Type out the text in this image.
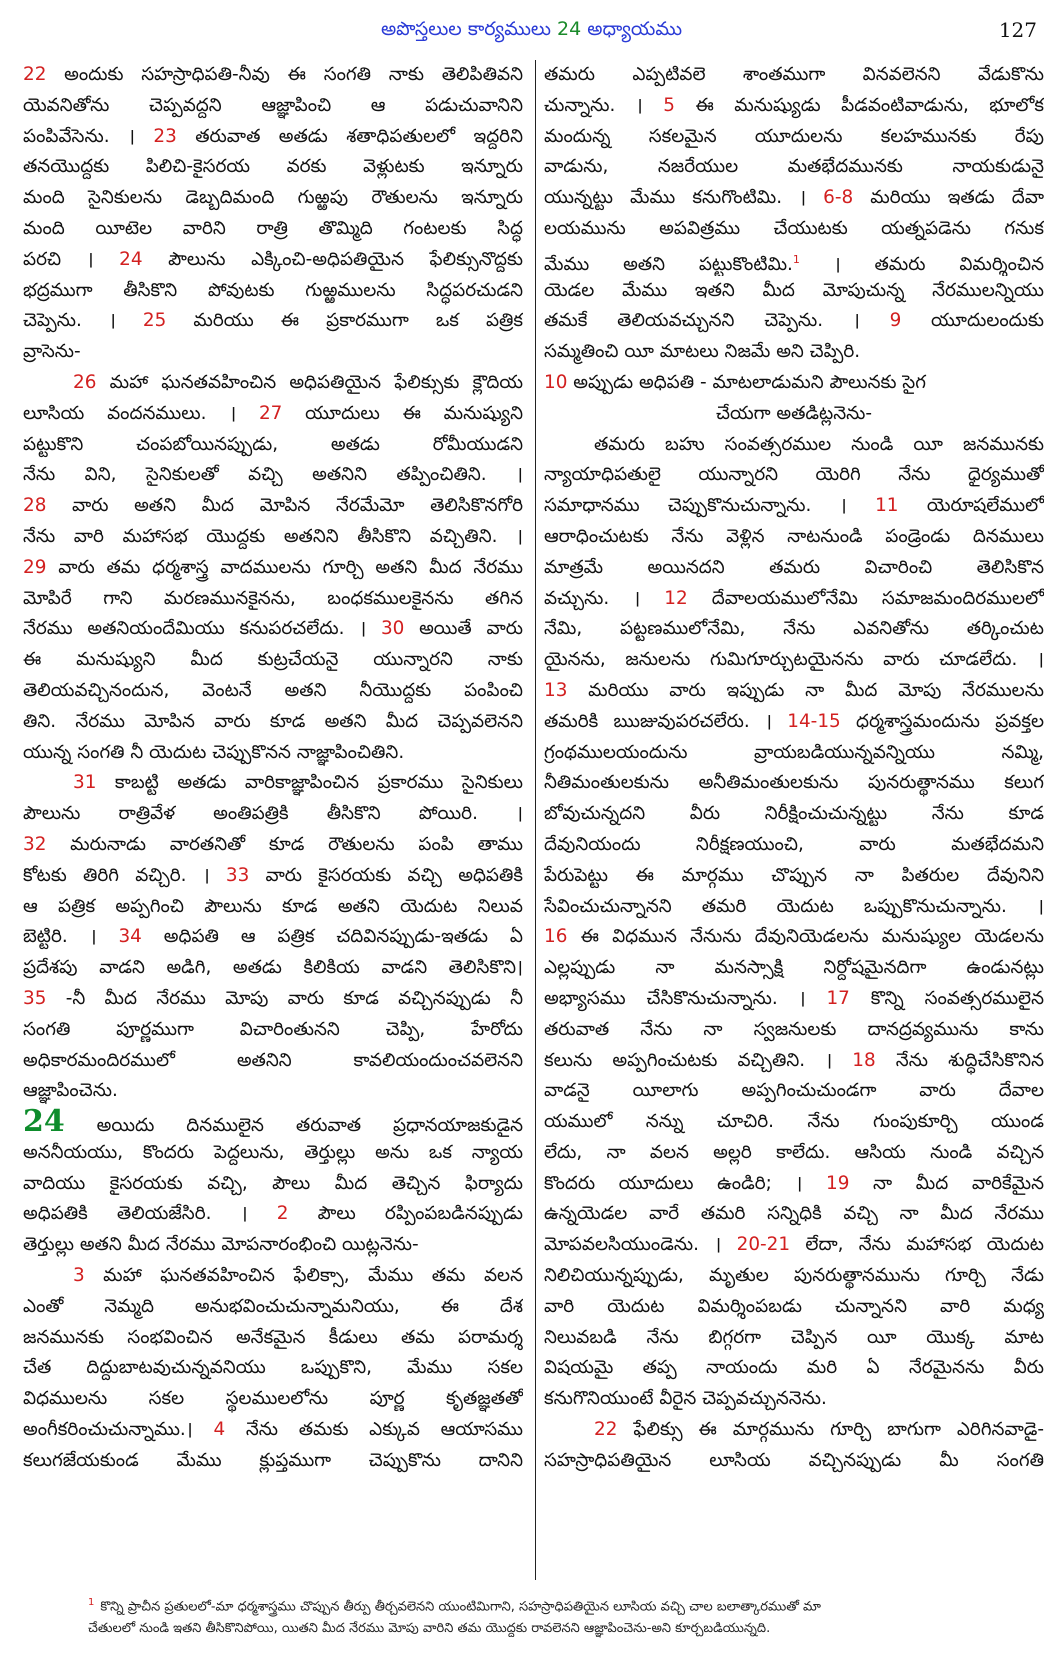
అపొస్తలుల కార్యములు 24 అధ్యాయము	127
22 అందుకు సహస్రాధిపతి-నీవు ఈ సంగతి నాకు తెలిపితివని
యెవనితోను చెప్పవద్దని ఆజ్ఞాపించి ఆ పడుచువానిని
పంపివేసెను. । 23 తరువాత అతడు శతాధిపతులలో ఇద్దరిని
తనయొద్దకు పిలిచి-కైసరయ వరకు వెళ్లుటకు ఇన్నూరు
మంది సైనికులను డెబ్బదిమంది గుఱ్ఱపు రౌతులను ఇన్నూరు
మంది యీటెల వారిని రాత్రి తొమ్మిది గంటలకు సిద్ధ
పరచి । 24 పౌలును ఎక్కించి-అధిపతియైన ఫేలిక్సునొద్దకు
భద్రముగా తీసికొని పోవుటకు గుఱ్ఱములను సిద్ధపరచుడని
చెప్పెను. । 25 మరియు ఈ ప్రకారముగా ఒక పత్రిక
వ్రాసెను-
26 మహా ఘనతవహించిన అధిపతియైన ఫేలిక్సుకు క్లౌదియ
లూసియ వందనములు. । 27 యూదులు ఈ మనుష్యుని
పట్టుకొని చంపబోయినప్పుడు, అతడు రోమీయుడని
నేను విని, సైనికులతో వచ్చి అతనిని తప్పించితిని. ।
28 వారు అతని మీద మోపిన నేరమేమో తెలిసికొనగోరి
నేను వారి మహాసభ యొద్దకు అతనిని తీసికొని వచ్చితిని. ।
29 వారు తమ ధర్మశాస్త్ర వాదములను గూర్చి అతని మీద నేరము
మోపిరే గాని మరణమునకైనను, బంధకములకైనను తగిన
నేరము అతనియందేమియు కనుపరచలేదు. । 30 అయితే వారు
ఈ మనుష్యుని మీద కుట్రచేయనై యున్నారని నాకు
తెలియవచ్చినందున, వెంటనే అతని నీయొద్దకు పంపించి
తిని. నేరము మోపిన వారు కూడ అతని మీద చెప్పవలెనని
యున్న సంగతి నీ యెదుట చెప్పుకొనన నాజ్ఞాపించితిని.
31 కాబట్టి అతడు వారికాజ్ఞాపించిన ప్రకారము సైనికులు
పౌలును రాత్రివేళ అంతిపత్రికి తీసికొని పోయిరి. ।
32 మరునాడు వారతనితో కూడ రౌతులను పంపి తాము
కోటకు తిరిగి వచ్చిరి. । 33 వారు కైసరయకు వచ్చి అధిపతికి
ఆ పత్రిక అప్పగించి పౌలును కూడ అతని యెదుట నిలువ
బెట్టిరి. । 34 అధిపతి ఆ పత్రిక చదివినప్పుడు-ఇతడు ఏ
ప్రదేశపు వాడని అడిగి, అతడు కిలికియ వాడని తెలిసికొని।
35 -నీ మీద నేరము మోపు వారు కూడ వచ్చినప్పుడు నీ
సంగతి పూర్ణముగా విచారింతునని చెప్పి, హేరోదు
అధికారమందిరములో అతనిని కావలియందుంచవలెనని
ఆజ్ఞాపించెను.
24 అయిదు దినములైన తరువాత ప్రధానయాజకుడైన
అననీయయు, కొందరు పెద్దలును, తెర్తుల్లు అను ఒక న్యాయ
వాదియు కైసరయకు వచ్చి, పౌలు మీద తెచ్చిన ఫిర్యాదు
అధిపతికి తెలియజేసిరి. । 2 పౌలు రప్పింపబడినప్పుడు
తెర్తుల్లు అతని మీద నేరము మోపనారంభించి యిట్లనెను-
3 మహా ఘనతవహించిన ఫేలిక్సా, మేము తమ వలన
ఎంతో నెమ్మది అనుభవించుచున్నామనియు, ఈ దేశ
జనమునకు సంభవించిన అనేకమైన కీడులు తమ పరామర్శ
చేత దిద్దుబాటవుచున్నవనియు ఒప్పుకొని, మేము సకల
విధములను సకల స్థలములలోను పూర్ణ కృతజ్ఞతతో
అంగీకరించుచున్నాము.। 4 నేను తమకు ఎక్కువ ఆయాసము
కలుగజేయకుండ మేము క్లుప్తముగా చెప్పుకొను దానిని
తమరు ఎప్పటివలె శాంతముగా వినవలెనని వేడుకొను
చున్నాను. । 5 ఈ మనుష్యుడు పీడవంటివాడును, భూలోక
మందున్న సకలమైన యూదులను కలహమునకు రేపు
వాడును, నజరేయుల మతభేదమునకు నాయకుడునై
యున్నట్టు మేము కనుగొంటిమి. । 6-8 మరియు ఇతడు దేవా
లయమును అపవిత్రము చేయుటకు యత్నపడెను గనుక
మేము అతని పట్టుకొంటిమి.$^1$ । తమరు విమర్శించిన
యెడల మేము ఇతని మీద మోపుచున్న నేరములన్నియు
తమకే తెలియవచ్చునని చెప్పెను. । 9 యూదులందుకు
సమ్మతించి యీ మాటలు నిజమే అని చెప్పిరి.
10 అప్పుడు అధిపతి - మాటలాడుమని పౌలునకు సైగ
చేయగా అతడిట్లనెను-
తమరు బహు సంవత్సరముల నుండి యీ జనమునకు
న్యాయాధిపతులై యున్నారని యెరిగి నేను ధైర్యముతో
సమాధానము చెప్పుకొనుచున్నాను. । 11 యెరూషలేములో
ఆరాధించుటకు నేను వెళ్లిన నాటనుండి పండ్రెండు దినములు
మాత్రమే అయినదని తమరు విచారించి తెలిసికొన
వచ్చును. । 12 దేవాలయములోనేమి సమాజమందిరములలో
నేమి, పట్టణములోనేమి, నేను ఎవనితోను తర్కించుట
యైనను, జనులను గుమిగూర్చుటయైనను వారు చూడలేదు. ।
13 మరియు వారు ఇప్పుడు నా మీద మోపు నేరములను
తమరికి ఋజువుపరచలేరు. । 14-15 ధర్మశాస్త్రమందును ప్రవక్తల
గ్రంథములయందును వ్రాయబడియున్నవన్నియు నమ్మి,
నీతిమంతులకును అనీతిమంతులకును పునరుత్థానము కలుగ
బోవుచున్నదని వీరు నిరీక్షించుచున్నట్టు నేను కూడ
దేవునియందు నిరీక్షణయుంచి, వారు మతభేదమని
పేరుపెట్టు ఈ మార్గము చొప్పున నా పితరుల దేవునిని
సేవించుచున్నానని తమరి యెదుట ఒప్పుకొనుచున్నాను. ।
16 ఈ విధమున నేనును దేవునియెడలను మనుష్యుల యెడలను
ఎల్లప్పుడు నా మనస్సాక్షి నిర్దోషమైనదిగా ఉండునట్లు
అభ్యాసము చేసికొనుచున్నాను. । 17 కొన్ని సంవత్సరములైన
తరువాత నేను నా స్వజనులకు దానద్రవ్యమును కాను
కలును అప్పగించుటకు వచ్చితిని. । 18 నేను శుద్ధిచేసికొనిన
వాడనై యీలాగు అప్పగించుచుండగా వారు దేవాల
యములో నన్ను చూచిరి. నేను గుంపుకూర్చి యుండ
లేదు, నా వలన అల్లరి కాలేదు. ఆసియ నుండి వచ్చిన
కొందరు యూదులు ఉండిరి; । 19 నా మీద వారికేమైన
ఉన్నయెడల వారే తమరి సన్నిధికి వచ్చి నా మీద నేరము
మోపవలసియుండెను. । 20-21 లేదా, నేను మహాసభ యెదుట
నిలిచియున్నప్పుడు, మృతుల పునరుత్థానమును గూర్చి నేడు
వారి యెదుట విమర్శింపబడు చున్నానని వారి మధ్య
నిలువబడి నేను బిగ్గరగా చెప్పిన యీ యొక్క మాట
విషయమై తప్ప నాయందు మరి ఏ నేరమైనను వీరు
కనుగొనియుంటే వీరైన చెప్పవచ్చుననెను.
22 ఫేలిక్సు ఈ మార్గమును గూర్చి బాగుగా ఎరిగినవాడై-
సహస్రాధిపతియైన లూసియ వచ్చినప్పుడు మీ సంగతి
$^1$ కొన్ని ప్రాచీన ప్రతులలో-మా ధర్మశాస్త్రము చొప్పున తీర్పు తీర్చవలెనని యుంటిమిగాని, సహస్రాధిపతియైన లూసియ వచ్చి చాల బలాత్కారముతో మా
చేతులలో నుండి ఇతని తీసికొనిపోయి, యితని మీద నేరము మోపు వారిని తమ యొద్దకు రావలెనని ఆజ్ఞాపించెను-అని కూర్చబడియున్నది.
